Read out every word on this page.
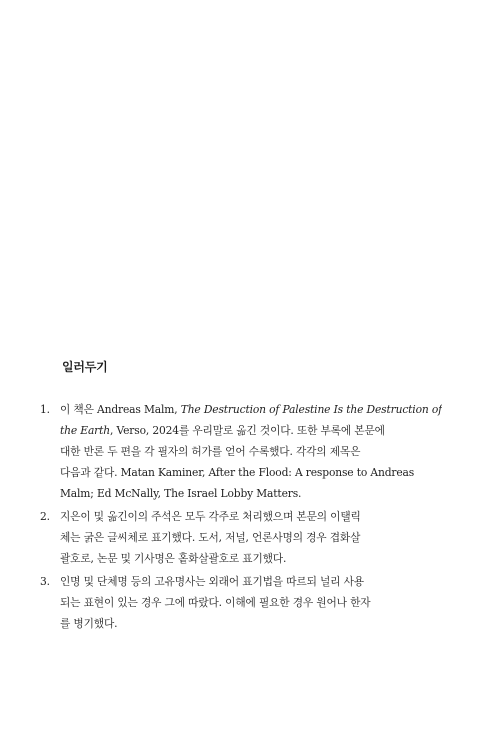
일러두기
1. 이 책은 Andreas Malm, The Destruction of Palestine Is the Destruction of
the Earth, Verso, 2024를 우리말로 옮긴 것이다. 또한 부록에 본문에
대한 반론 두 편을 각 필자의 허가를 얻어 수록했다. 각각의 제목은
다음과 같다. Matan Kaminer, After the Flood: A response to Andreas
Malm; Ed McNally, The Israel Lobby Matters.
2. 지은이 및 옮긴이의 주석은 모두 각주로 처리했으며 본문의 이탤릭
체는 굵은 글씨체로 표기했다. 도서, 저널, 언론사명의 경우 겹화살
괄호로, 논문 및 기사명은 홑화살괄호로 표기했다.
3. 인명 및 단체명 등의 고유명사는 외래어 표기법을 따르되 널리 사용
되는 표현이 있는 경우 그에 따랐다. 이해에 필요한 경우 원어나 한자
를 병기했다.
